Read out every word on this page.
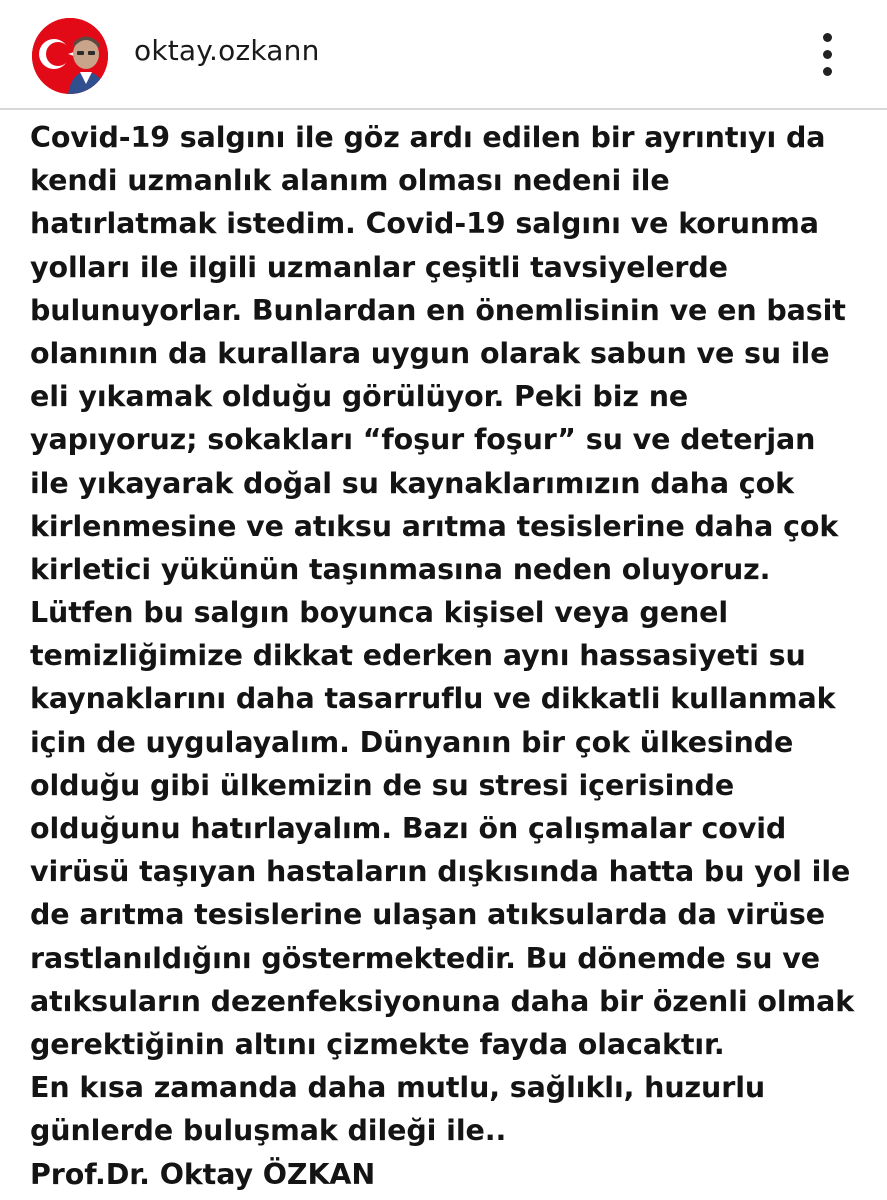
oktay.ozkann
Covid-19 salgını ile göz ardı edilen bir ayrıntıyı da
kendi uzmanlık alanım olması nedeni ile
hatırlatmak istedim. Covid-19 salgını ve korunma
yolları ile ilgili uzmanlar çeşitli tavsiyelerde
bulunuyorlar. Bunlardan en önemlisinin ve en basit
olanının da kurallara uygun olarak sabun ve su ile
eli yıkamak olduğu görülüyor. Peki biz ne
yapıyoruz; sokakları “foşur foşur” su ve deterjan
ile yıkayarak doğal su kaynaklarımızın daha çok
kirlenmesine ve atıksu arıtma tesislerine daha çok
kirletici yükünün taşınmasına neden oluyoruz.
Lütfen bu salgın boyunca kişisel veya genel
temizliğimize dikkat ederken aynı hassasiyeti su
kaynaklarını daha tasarruflu ve dikkatli kullanmak
için de uygulayalım. Dünyanın bir çok ülkesinde
olduğu gibi ülkemizin de su stresi içerisinde
olduğunu hatırlayalım. Bazı ön çalışmalar covid
virüsü taşıyan hastaların dışkısında hatta bu yol ile
de arıtma tesislerine ulaşan atıksularda da virüse
rastlanıldığını göstermektedir. Bu dönemde su ve
atıksuların dezenfeksiyonuna daha bir özenli olmak
gerektiğinin altını çizmekte fayda olacaktır.
En kısa zamanda daha mutlu, sağlıklı, huzurlu
günlerde buluşmak dileği ile..
Prof.Dr. Oktay ÖZKAN
